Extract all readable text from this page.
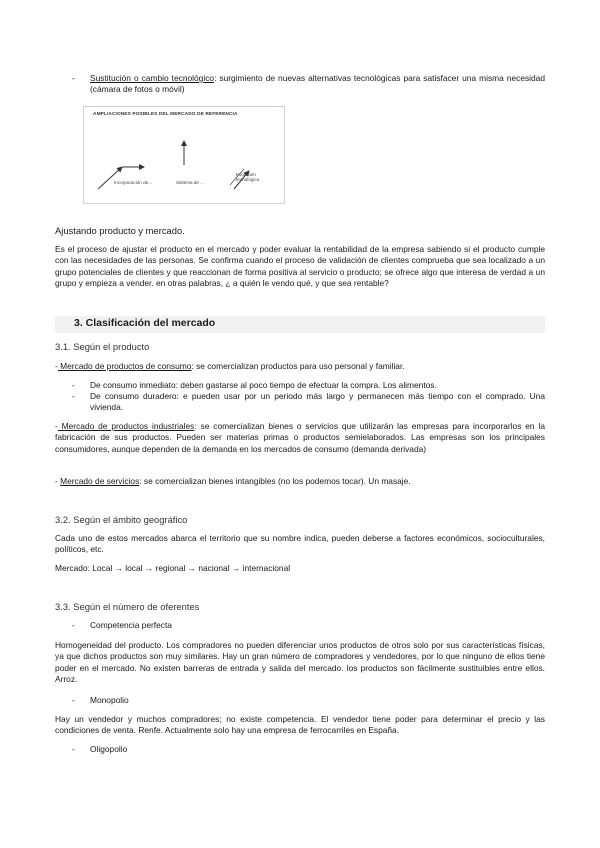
- Sustitución o cambio tecnológico: surgimiento de nuevas alternativas tecnológicas para satisfacer una misma necesidad (cámara de fotos o móvil)
AMPLIACIONES POSIBLES DEL MERCADO DE REFERENCIA
Incorporación de...	Sistema de ...
Evolución tecnológica
Ajustando producto y mercado.
Es el proceso de ajustar el producto en el mercado y poder evaluar la rentabilidad de la empresa sabiendo si el producto cumple con las necesidades de las personas. Se confirma cuando el proceso de validación de clientes comprueba que sea localizado a un grupo potenciales de clientes y que reaccionan de forma positiva al servicio o producto; se ofrece algo que interesa de verdad a un grupo y empieza a vender. en otras palabras, ¿ a quién le vendo qué, y que sea rentable?
3. Clasificación del mercado
3.1. Según el producto
- Mercado de productos de consumo: se comercializan productos para uso personal y familiar.
- De consumo inmediato: deben gastarse al poco tiempo de efectuar la compra. Los alimentos.
- De consumo duradero: e pueden usar por un periodo más largo y permanecen más tiempo con el comprado. Una vivienda.
- Mercado de productos industriales: se comercializan bienes o servicios que utilizarán las empresas para incorporarlos en la fabricación de sus productos. Pueden ser materias primas o productos semielaborados. Las empresas son los principales consumidores, aunque dependen de la demanda en los mercados de consumo (demanda derivada)
- Mercado de servicios: se comercializan bienes intangibles (no los podemos tocar). Un masaje.
3.2. Según el ámbito geográfico
Cada uno de estos mercados abarca el territorio que su nombre indica, pueden deberse a factores económicos, socioculturales, políticos, etc.
Mercado: Local → local → regional → nacional → internacional
3.3. Según el número de oferentes
- Competencia perfecta
Homogeneidad del producto. Los compradores no pueden diferenciar unos productos de otros solo por sus características físicas, ya que dichos productos son muy similares. Hay un gran número de compradores y vendedores, por lo que ninguno de ellos tiene poder en el mercado. No existen barreras de entrada y salida del mercado. los productos son fácilmente sustituibles entre ellos. Arroz.
- Monopolio
Hay un vendedor y muchos compradores; no existe competencia. El vendedor tiene poder para determinar el precio y las condiciones de venta. Renfe. Actualmente solo hay una empresa de ferrocarriles en España.
- Oligopolio
